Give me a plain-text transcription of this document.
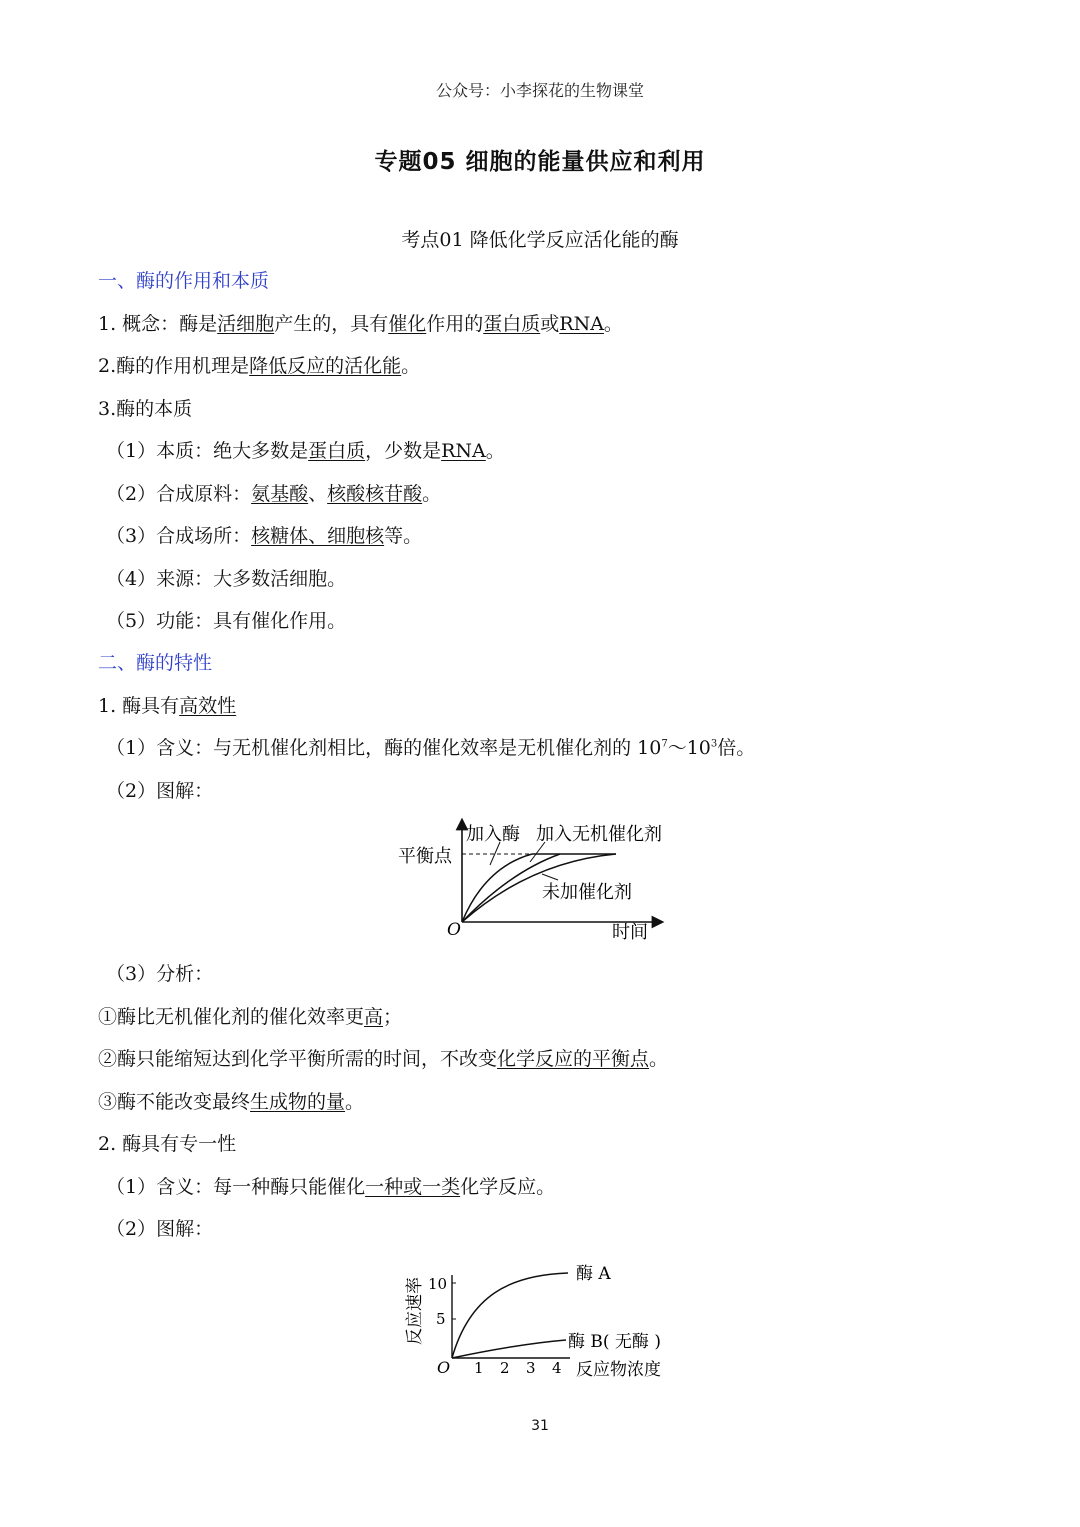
公众号：小李探花的生物课堂
专题05 细胞的能量供应和利用
考点01 降低化学反应活化能的酶
一、酶的作用和本质
1. 概念：酶是活细胞产生的，具有催化作用的蛋白质或RNA。
2.酶的作用机理是降低反应的活化能。
3.酶的本质
（1）本质：绝大多数是蛋白质，少数是RNA。
（2）合成原料：氨基酸、核酸核苷酸。
（3）合成场所：核糖体、细胞核等。
（4）来源：大多数活细胞。
（5）功能：具有催化作用。
二、酶的特性
1. 酶具有高效性
（1）含义：与无机催化剂相比，酶的催化效率是无机催化剂的 $10^7\sim 10^3$倍。
（2）图解：
加入酶 加入无机催化剂
未加催化剂
平衡点
O	时间
（3）分析：
①酶比无机催化剂的催化效率更高；
②酶只能缩短达到化学平衡所需的时间，不改变化学反应的平衡点。
③酶不能改变最终生成物的量。
2. 酶具有专一性
（1）含义：每一种酶只能催化一种或一类化学反应。
（2）图解：
酶 A
酶 B( 无酶 )
10
5
反应速率
O 1 2 3 4 反应物浓度
31
